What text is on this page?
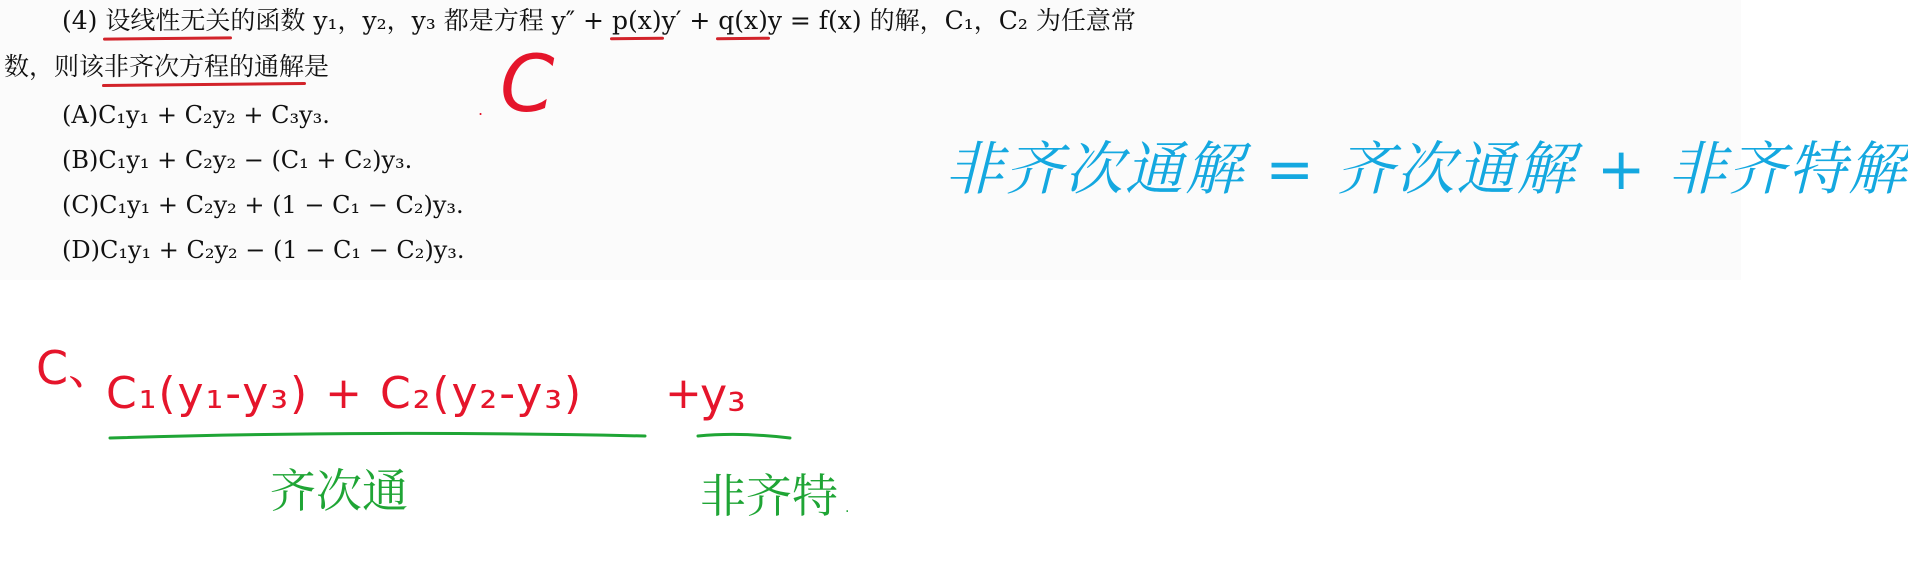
(4) 设线性无关的函数 y₁，y₂，y₃ 都是方程 y″ + p(x)y′ + q(x)y = f(x) 的解，C₁，C₂ 为任意常
数，则该非齐次方程的通解是
(A)C₁y₁ + C₂y₂ + C₃y₃.
(B)C₁y₁ + C₂y₂ − (C₁ + C₂)y₃.
(C)C₁y₁ + C₂y₂ + (1 − C₁ − C₂)y₃.
(D)C₁y₁ + C₂y₂ − (1 − C₁ − C₂)y₃.
C
.
非齐次通解 = 齐次通解 + 非齐特解
C、
C₁(y₁-y₃) + C₂(y₂-y₃) +
y₃
齐次通	非齐特 .
